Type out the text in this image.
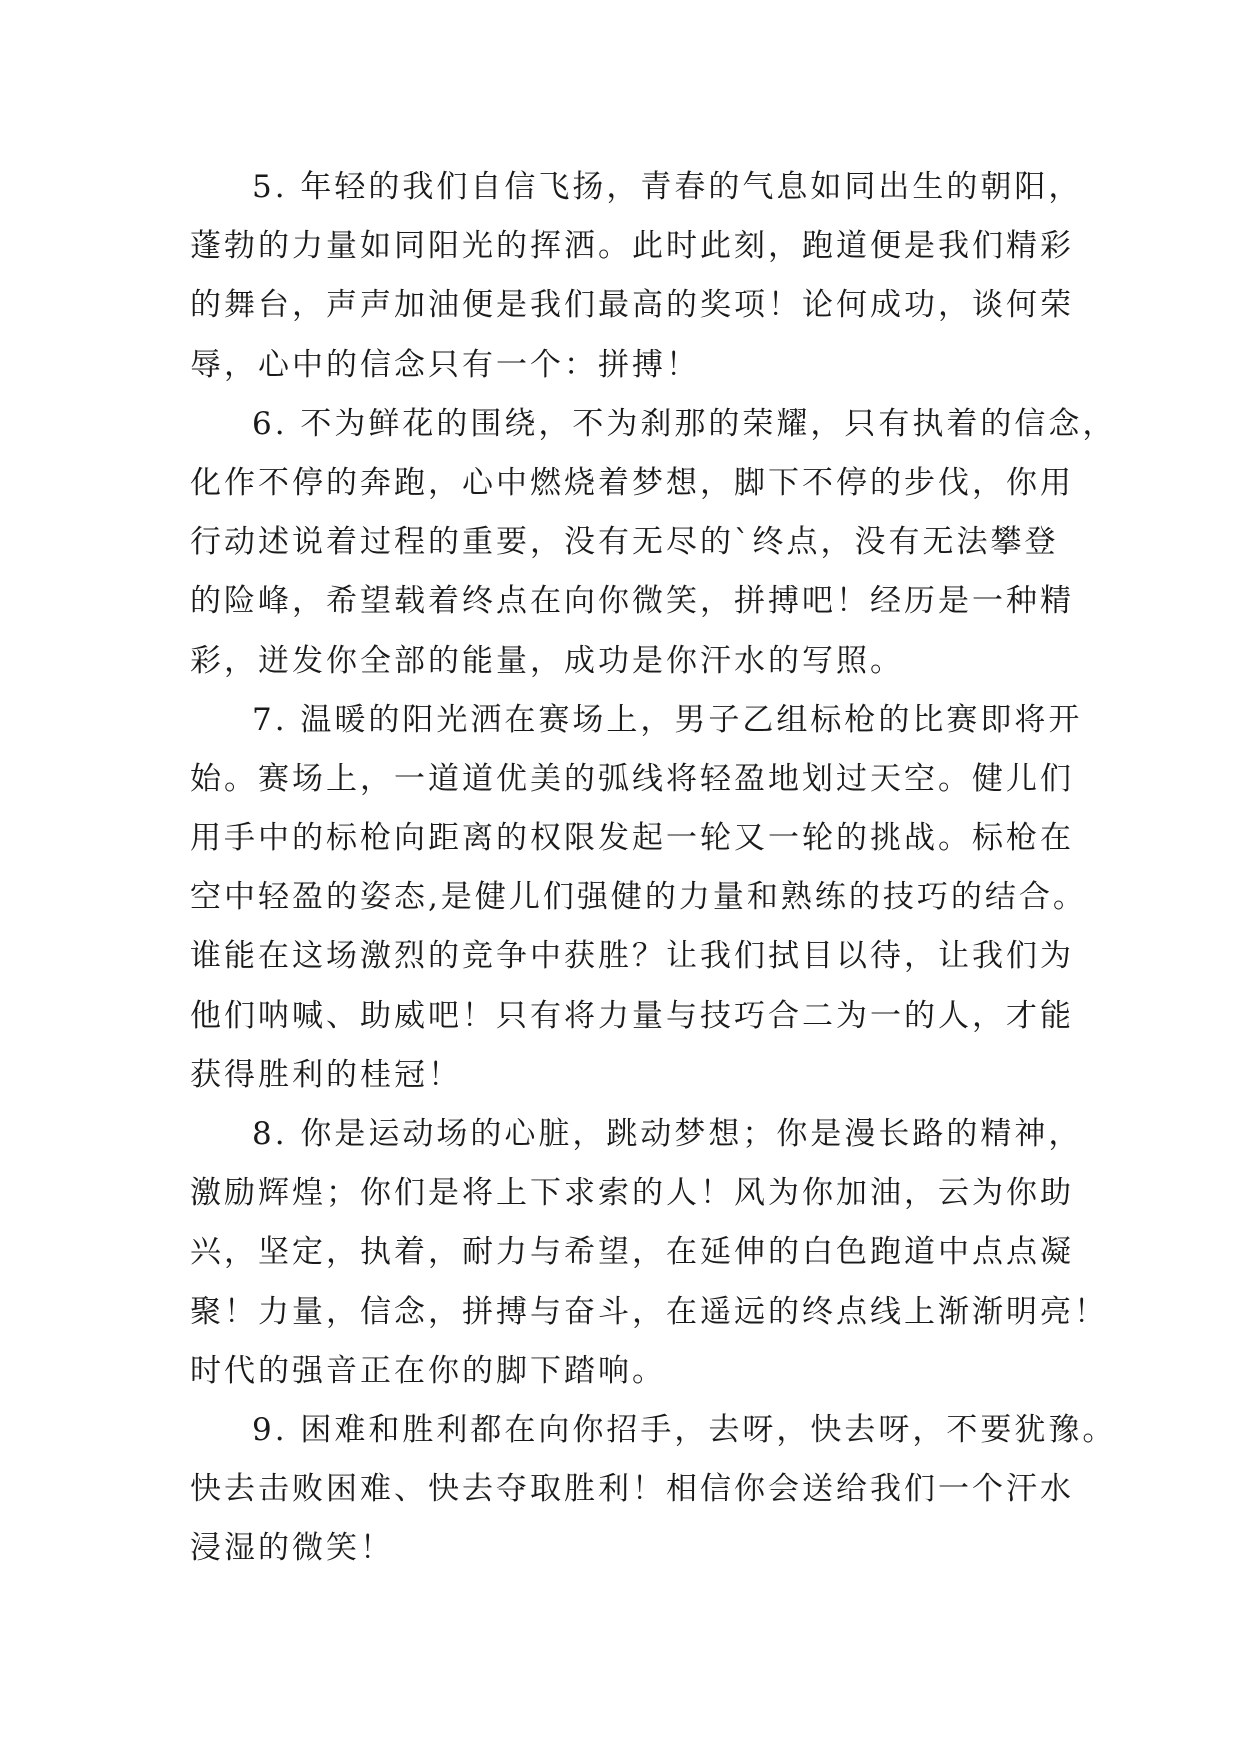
5. 年轻的我们自信飞扬，青春的气息如同出生的朝阳，
蓬勃的力量如同阳光的挥洒。此时此刻，跑道便是我们精彩
的舞台，声声加油便是我们最高的奖项！论何成功，谈何荣
辱，心中的信念只有一个：拼搏！
6. 不为鲜花的围绕，不为刹那的荣耀，只有执着的信念，
化作不停的奔跑，心中燃烧着梦想，脚下不停的步伐，你用
行动述说着过程的重要，没有无尽的`终点，没有无法攀登
的险峰，希望载着终点在向你微笑，拼搏吧！经历是一种精
彩，迸发你全部的能量，成功是你汗水的写照。
7. 温暖的阳光洒在赛场上，男子乙组标枪的比赛即将开
始。赛场上，一道道优美的弧线将轻盈地划过天空。健儿们
用手中的标枪向距离的权限发起一轮又一轮的挑战。标枪在
空中轻盈的姿态,是健儿们强健的力量和熟练的技巧的结合。
谁能在这场激烈的竞争中获胜？让我们拭目以待，让我们为
他们呐喊、助威吧！只有将力量与技巧合二为一的人，才能
获得胜利的桂冠！
8. 你是运动场的心脏，跳动梦想；你是漫长路的精神，
激励辉煌；你们是将上下求索的人！风为你加油，云为你助
兴，坚定，执着，耐力与希望，在延伸的白色跑道中点点凝
聚！力量，信念，拼搏与奋斗，在遥远的终点线上渐渐明亮！
时代的强音正在你的脚下踏响。
9. 困难和胜利都在向你招手，去呀，快去呀，不要犹豫。
快去击败困难、快去夺取胜利！相信你会送给我们一个汗水
浸湿的微笑！
